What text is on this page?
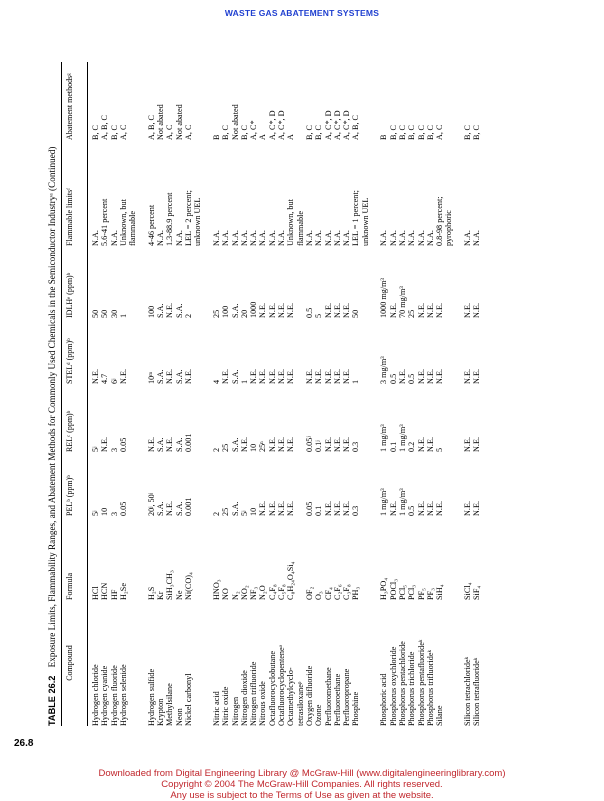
WASTE GAS ABATEMENT SYSTEMS
TABLE 26.2 Exposure Limits, Flammability Ranges, and Abatement Methods for Commonly Used Chemicals in the Semiconductor Industryᵃ (Continued)	Compound
Formula
PELᵇ (ppm)ᵇ
RELᶜ (ppm)ᵇ
STELᵈ (ppm)ᵇ
IDLHᵉ (ppm)ᵇ
Flammable limitsᶠ
Abatement methodsᵍ
Hydrogen chloride
HCl
5ʲ
5ʲ
N.E.
50
N.A.
B, C
Hydrogen cyanide
HCN
10
N.E.
4.7
50
5.6-41 percent
A, B, C
Hydrogen fluoride
HF
3
3
6ʲ
30
N.A.
B, C
Hydrogen selenide
H₂Se
0.05
0.05
N.E.
1
Unknown, but
A, C
flammable
Hydrogen sulfide
H₂S
20ʲ, 50ʲ
N.E.
10ᵐ
100
4-46 percent
A, B, C
Krypton
Kr
S.A.
S.A.
S.A.
S.A.
N.A.
Not abated
Methylsilane
SiH₃CH₃
N.E.
N.E.
N.E.
N.E.
1.3-88.9 percent
A, C
Neon
Ne
S.A.
S.A.
S.A.
S.A.
N.A.
Not abated
Nickel carbonyl
Ni(CO)₄
0.001
0.001
N.E.
2
LEL = 2 percent;
A, C
unknown UEL
Nitric acid
HNO₃
2
2
4
25
N.A.
B
Nitric oxide
NO
25
25
N.E.
100
N.A.
B, C
Nitrogen
N₂
S.A.
S.A.
S.A.
S.A.
N.A.
Not abated
Nitrogen dioxide
NO₂
5ʲ
N.E.
1
20
N.A.
B, C
Nitrogen trifluoride
NF₃
10
10
N.E.
1000
N.A.
A, C*
Nitrous oxide
N₂O
N.E.
25ⁿ
N.E.
N.E.
N.A.
A
Octafluorocyclobutane
C₄F₈
N.E.
N.E.
N.E.
N.E.
N.A.
A, C*, D
Octafluorocyclopenteneᵒ
C₅F₈
N.E.
N.E.
N.E.
N.E.
N.A.
A, C*, D
Octamethylcyclo-
C₈H₂₄O₄Si₄
N.E.
N.E.
N.E.
N.E.
Unknown, but
A
tetrasiloxaneᵖ
flammable
Oxygen difluoride
OF₂
0.05
0.05ʲ
N.E.
0.5
N.A.
B, C
Ozone
O₃
0.1
0.1ʲ
N.E.
5
N.A.
B, C
Perfluoromethane
CF₄
N.E.
N.E.
N.E.
N.E.
N.A.
A, C*, D
Perfluoroethane
C₂F₆
N.E.
N.E.
N.E.
N.E.
N.A.
A, C*, D
Perfluoropropane
C₃F₈
N.E.
N.E.
N.E.
N.E.
N.A.
A, C*, D
Phosphine
PH₃
0.3
0.3
1
50
LEL = 1 percent;
A, B, C
unknown UEL
Phosphoric acid
H₃PO₄
1 mg/m³
1 mg/m³
3 mg/m³
1000 mg/m³
N.A.
B
Phosphorus oxychloride
POCl₃
N.E.
0.1
0.5
N.E.
N.A.
B, C
Phosphorus pentachloride
PCl₅
1 mg/m³
1 mg/m³
N.E.
70 mg/m³
N.A.
B, C
Phosphorus trichloride
PCl₃
0.5
0.2
0.5
25
N.A.
B, C
Phosphorus pentafluorideᵏ
PF₅
N.E.
N.E.
N.E.
N.E.
N.A.
B, C
Phosphorus trifluorideᵏ
PF₃
N.E.
N.E.
N.E.
N.E.
N.A.
B, C
Silane
SiH₄
N.E.
5
N.E.
N.E.
0.8-98 percent;
A, C
pyrophoric
Silicon tetrachlorideᵏ
SiCl₄
N.E.
N.E.
N.E.
N.E.
N.A.
B, C
Silicon tetrafluorideᵏ
SiF₄
N.E.
N.E.
N.E.
N.E.
N.A.
B, C
26.8
Downloaded from Digital Engineering Library @ McGraw-Hill (www.digitalengineeringlibrary.com)
Copyright © 2004 The McGraw-Hill Companies. All rights reserved.
Any use is subject to the Terms of Use as given at the website.
